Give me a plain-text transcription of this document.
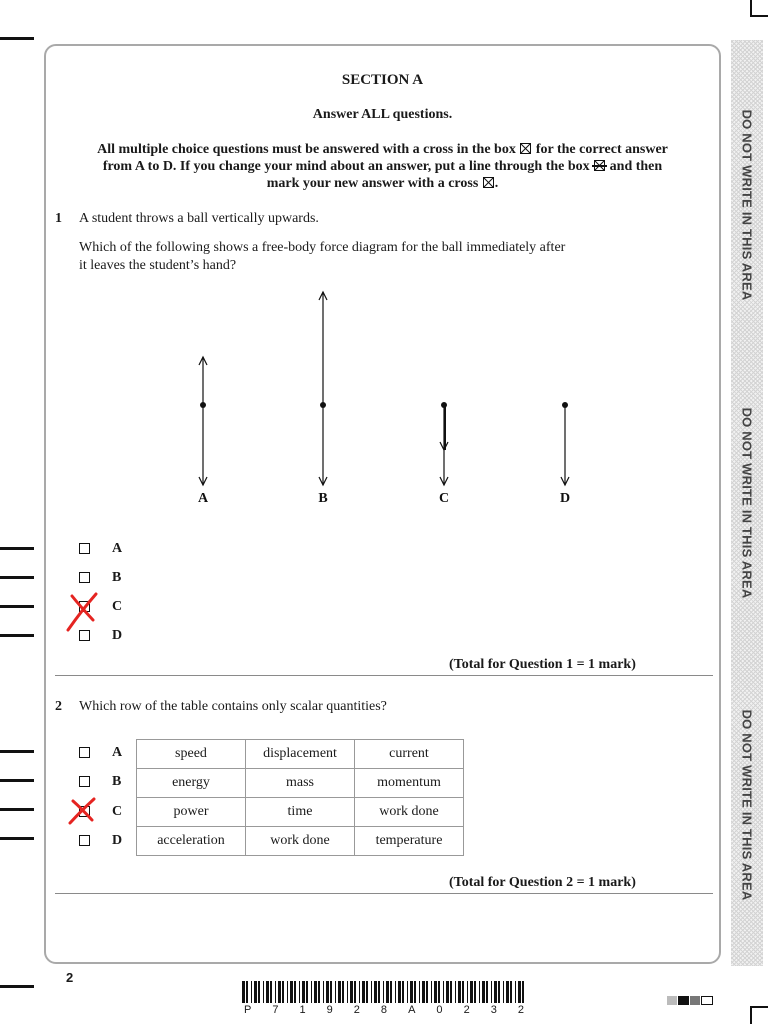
DO NOT WRITE IN THIS AREA
DO NOT WRITE IN THIS AREA
DO NOT WRITE IN THIS AREA
SECTION A
Answer ALL questions.
All multiple choice questions must be answered with a cross in the box ☒ for the correct answer
from A to D. If you change your mind about an answer, put a line through the box and then
mark your new answer with a cross ☒.
1 A student throws a ball vertically upwards.
Which of the following shows a free-body force diagram for the ball immediately after
it leaves the student’s hand?
A	B	C	D
A
B
C
D
(Total for Question 1 = 1 mark)
2 Which row of the table contains only scalar quantities?
A
B
C
D
speed	displacement	current
energy	mass	momentum
power	time	work done
acceleration	work done	temperature
(Total for Question 2 = 1 mark)
2
P 7 1 9 2 8 A 0 2 3 2
